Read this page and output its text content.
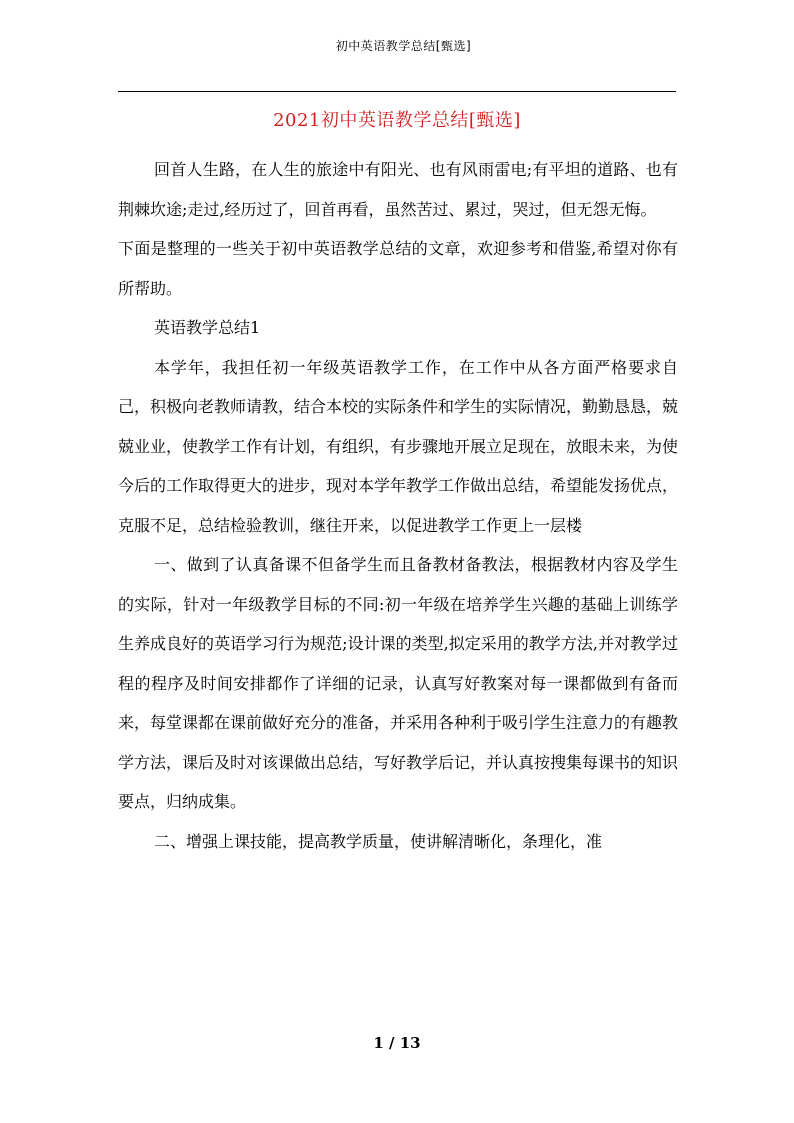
初中英语教学总结[甄选]
2021初中英语教学总结[甄选]

回首人生路，在人生的旅途中有阳光、也有风雨雷电;有平坦的道路、也有荆棘坎途;走过,经历过了，回首再看，虽然苦过、累过，哭过，但无怨无悔。

下面是整理的一些关于初中英语教学总结的文章，欢迎参考和借鉴,希望对你有所帮助。

英语教学总结1

本学年，我担任初一年级英语教学工作，在工作中从各方面严格要求自己，积极向老教师请教，结合本校的实际条件和学生的实际情况，勤勤恳恳，兢兢业业，使教学工作有计划，有组织，有步骤地开展立足现在，放眼未来，为使今后的工作取得更大的进步，现对本学年教学工作做出总结，希望能发扬优点，克服不足，总结检验教训，继往开来，以促进教学工作更上一层楼

一、做到了认真备课不但备学生而且备教材备教法，根据教材内容及学生的实际，针对一年级教学目标的不同:初一年级在培养学生兴趣的基础上训练学生养成良好的英语学习行为规范;设计课的类型,拟定采用的教学方法,并对教学过程的程序及时间安排都作了详细的记录，认真写好教案对每一课都做到有备而来，每堂课都在课前做好充分的准备，并采用各种利于吸引学生注意力的有趣教学方法，课后及时对该课做出总结，写好教学后记，并认真按搜集每课书的知识要点，归纳成集。

二、增强上课技能，提高教学质量，使讲解清晰化，条理化，准

1 / 13
